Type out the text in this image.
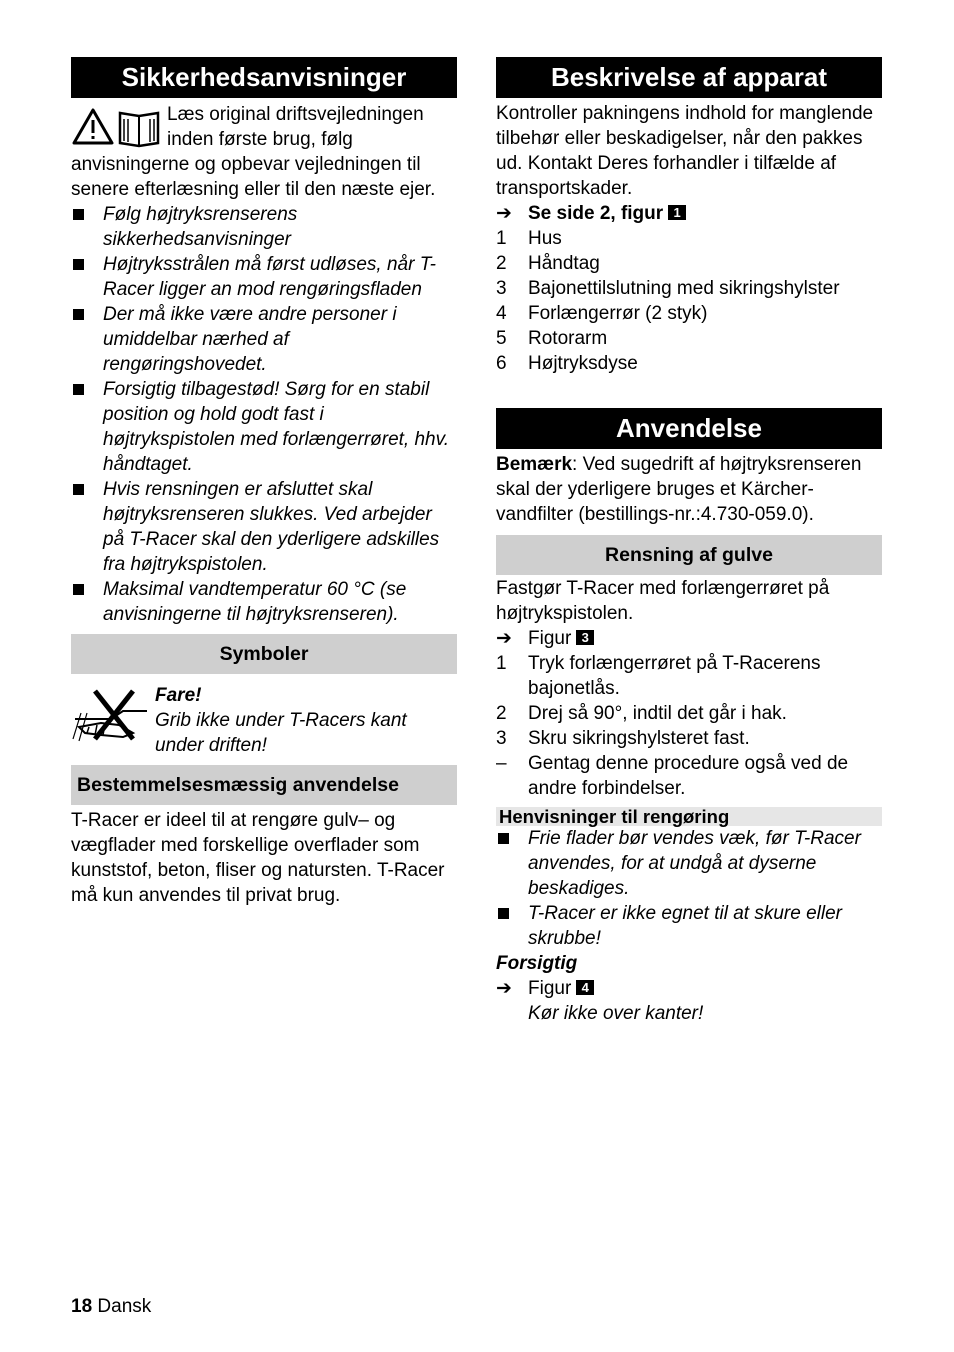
Sikkerhedsanvisninger

Læs original driftsvejledningen inden første brug, følg anvisningerne og opbevar vejledningen til senere efterlæsning eller til den næste ejer.

Følg højtryksrenserens sikkerhedsanvisninger
Højtryksstrålen må først udløses, når T-Racer ligger an mod rengøringsfladen
Der må ikke være andre personer i umiddelbar nærhed af rengøringshovedet.
Forsigtig tilbagestød! Sørg for en stabil position og hold godt fast i højtrykspistolen med forlængerrøret, hhv. håndtaget.
Hvis rensningen er afsluttet skal højtryksrenseren slukkes. Ved arbejder på T-Racer skal den yderligere adskilles fra højtrykspistolen.
Maksimal vandtemperatur 60 °C (se anvisningerne til højtryksrenseren).
Symboler
Fare!
Grib ikke under T-Racers kant under driften!
Bestemmelsesmæssig anvendelse

T-Racer er ideel til at rengøre gulv– og vægflader med forskellige overflader som kunststof, beton, fliser og natursten. T-Racer må kun anvendes til privat brug.

Beskrivelse af apparat

Kontroller pakningens indhold for manglende tilbehør eller beskadigelser, når den pakkes ud. Kontakt Deres forhandler i tilfælde af transportskader.

➔ Se side 2, figur 1
1	Hus
2	Håndtag
3	Bajonettilslutning med sikringshylster
4	Forlængerrør (2 styk)
5	Rotorarm
6	Højtryksdyse
Anvendelse

Bemærk: Ved sugedrift af højtryksrenseren skal der yderligere bruges et Kärcher-vandfilter (bestillings-nr.:4.730-059.0).

Rensning af gulve

Fastgør T-Racer med forlængerrøret på højtrykspistolen.

➔ Figur 3
1	Tryk forlængerrøret på T-Racerens bajonetlås.
2	Drej så 90°, indtil det går i hak.
3	Skru sikringshylsteret fast.
–	Gentag denne procedure også ved de andre forbindelser.
Henvisninger til rengøring
Frie flader bør vendes væk, før T-Racer anvendes, for at undgå at dyserne beskadiges.
T-Racer er ikke egnet til at skure eller skrubbe!
Forsigtig
➔ Figur 4
Kør ikke over kanter!
18 Dansk
